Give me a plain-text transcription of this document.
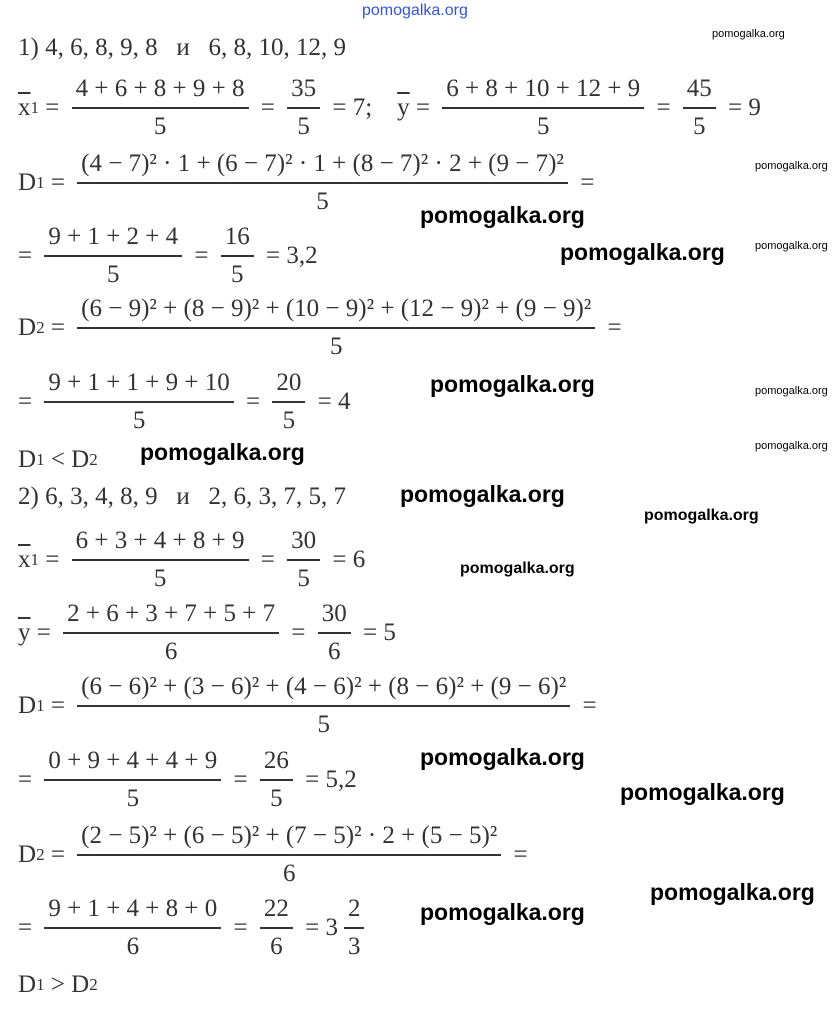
pomogalka.org
1) 4, 6, 8, 9, 8   и   6, 8, 10, 12, 9
$\overline{x}$ $1 = \frac{4 + 6 + 8 + 9 + 8}{5} = \frac{35}{5} = 7$; $\overline{y} = \frac{6 + 8 + 10 + 12 + 9}{5} = \frac{45}{5} = 9$
D $1 = \frac{\text{(4 − 7)² · 1 + (6 − 7)² · 1 + (8 − 7)² · 2 + (9 − 7)²}}{5}$ =
= $\frac{9 + 1 + 2 + 4}{5} = \frac{16}{5} = 3,2$
D $2 = \frac{\text{(6 − 9)² + (8 − 9)² + (10 − 9)² + (12 − 9)² + (9 − 9)²}}{5}$ =
= $\frac{9 + 1 + 1 + 9 + 10}{5} = \frac{20}{5} = 4$
D 1 < D 2
2) 6, 3, 4, 8, 9   и   2, 6, 3, 7, 5, 7
$\overline{x}$ $1 = \frac{6 + 3 + 4 + 8 + 9}{5} = \frac{30}{5} = 6$
$\overline{y} = \frac{2 + 6 + 3 + 7 + 5 + 7}{6} = \frac{30}{6} = 5$
D $1 = \frac{\text{(6 − 6)² + (3 − 6)² + (4 − 6)² + (8 − 6)² + (9 − 6)²}}{5}$ =
= $\frac{0 + 9 + 4 + 4 + 9}{5} = \frac{26}{5} = 5,2$
D $2 = \frac{\text{(2 − 5)² + (6 − 5)² + (7 − 5)² · 2 + (5 − 5)²}}{6}$ =
= $\frac{9 + 1 + 4 + 8 + 0}{6} = \frac{22}{6} = 3 \frac{2}{3}$
D 1 > D 2
pomogalka.org
pomogalka.org
pomogalka.org
pomogalka.org
pomogalka.org
pomogalka.org
pomogalka.org
pomogalka.org
pomogalka.org
pomogalka.org
pomogalka.org
pomogalka.org
pomogalka.org
pomogalka.org
pomogalka.org
pomogalka.org
